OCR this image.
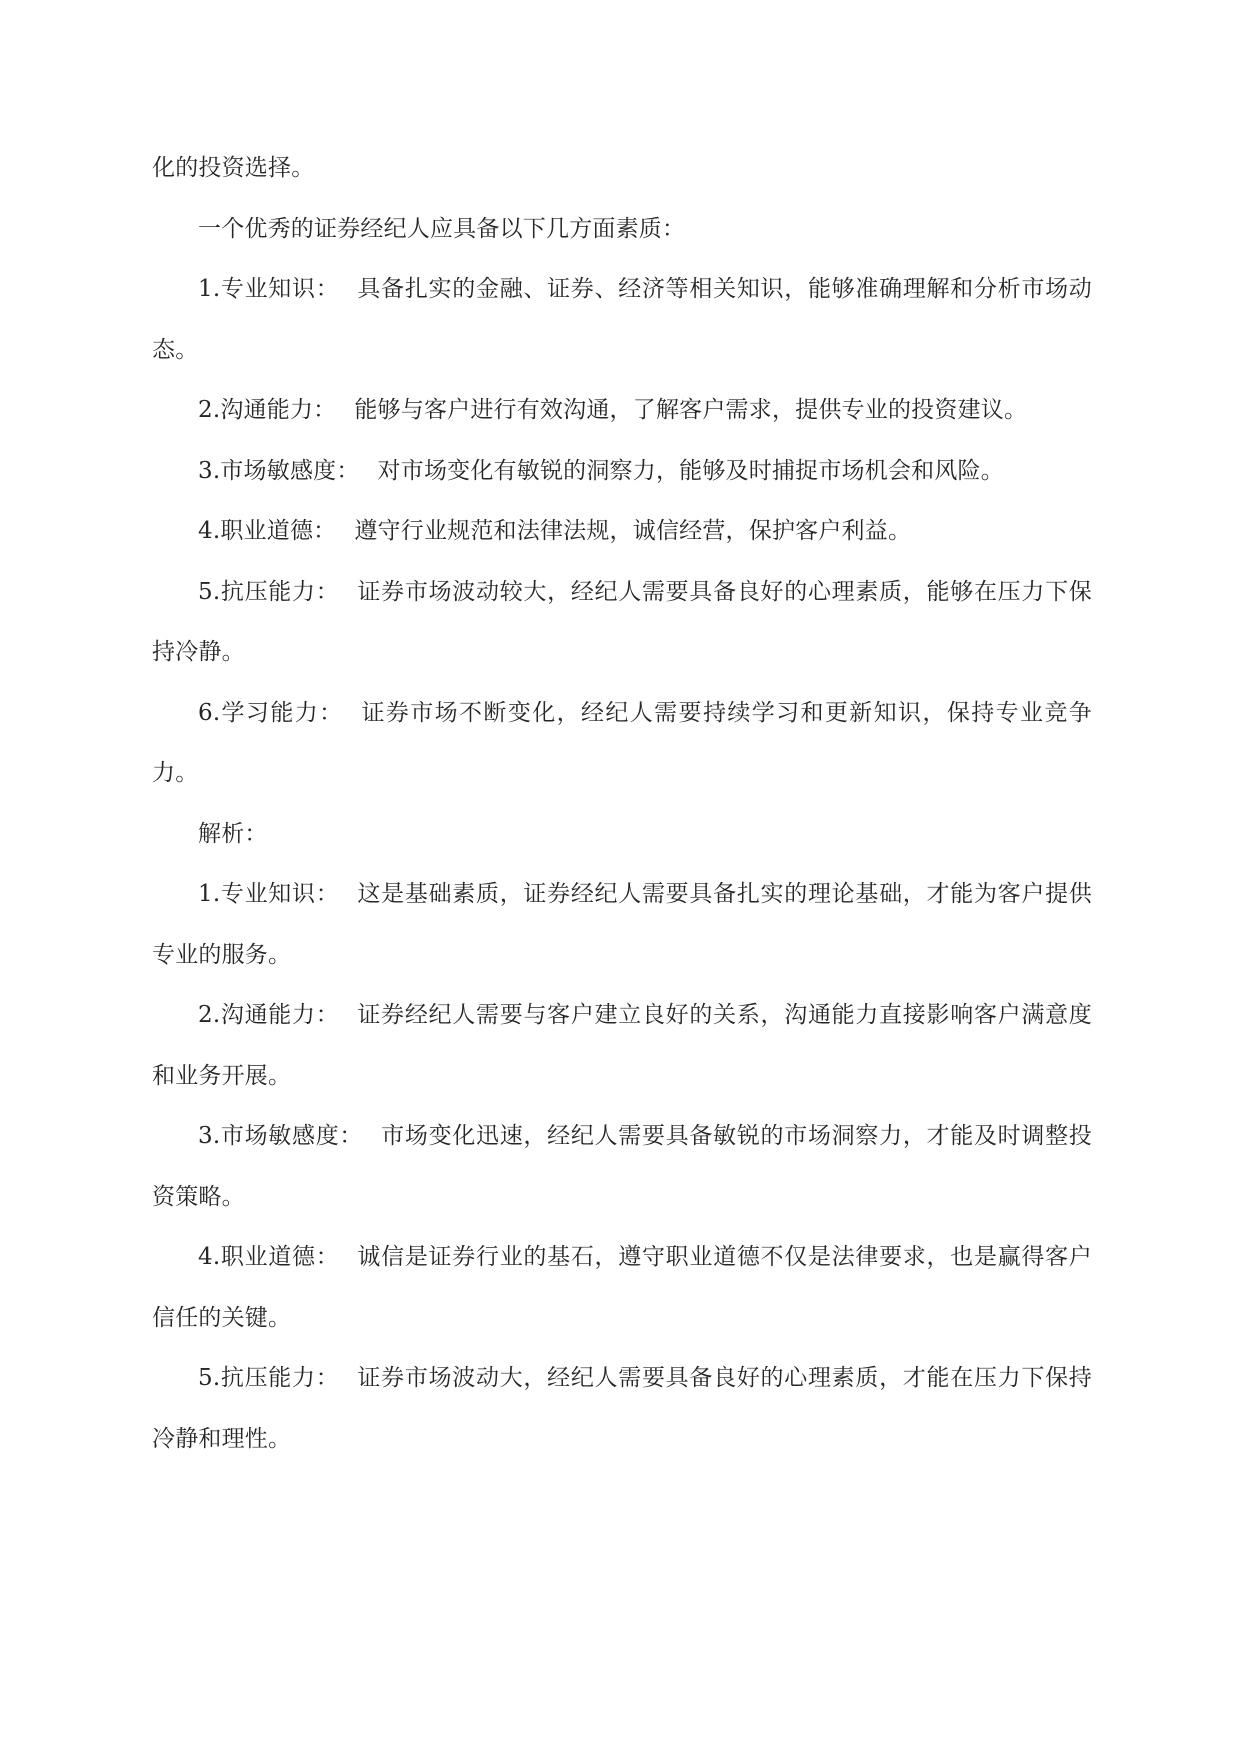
化的投资选择。

一个优秀的证券经纪人应具备以下几方面素质：

1.专业知识： 具备扎实的金融、证券、经济等相关知识，能够准确理解和分析市场动态。

2.沟通能力： 能够与客户进行有效沟通，了解客户需求，提供专业的投资建议。

3.市场敏感度： 对市场变化有敏锐的洞察力，能够及时捕捉市场机会和风险。

4.职业道德： 遵守行业规范和法律法规，诚信经营，保护客户利益。

5.抗压能力： 证券市场波动较大，经纪人需要具备良好的心理素质，能够在压力下保持冷静。

6.学习能力： 证券市场不断变化，经纪人需要持续学习和更新知识，保持专业竞争力。

解析：

1.专业知识： 这是基础素质，证券经纪人需要具备扎实的理论基础，才能为客户提供专业的服务。

2.沟通能力： 证券经纪人需要与客户建立良好的关系，沟通能力直接影响客户满意度和业务开展。

3.市场敏感度： 市场变化迅速，经纪人需要具备敏锐的市场洞察力，才能及时调整投资策略。

4.职业道德： 诚信是证券行业的基石，遵守职业道德不仅是法律要求，也是赢得客户信任的关键。

5.抗压能力： 证券市场波动大，经纪人需要具备良好的心理素质，才能在压力下保持冷静和理性。
